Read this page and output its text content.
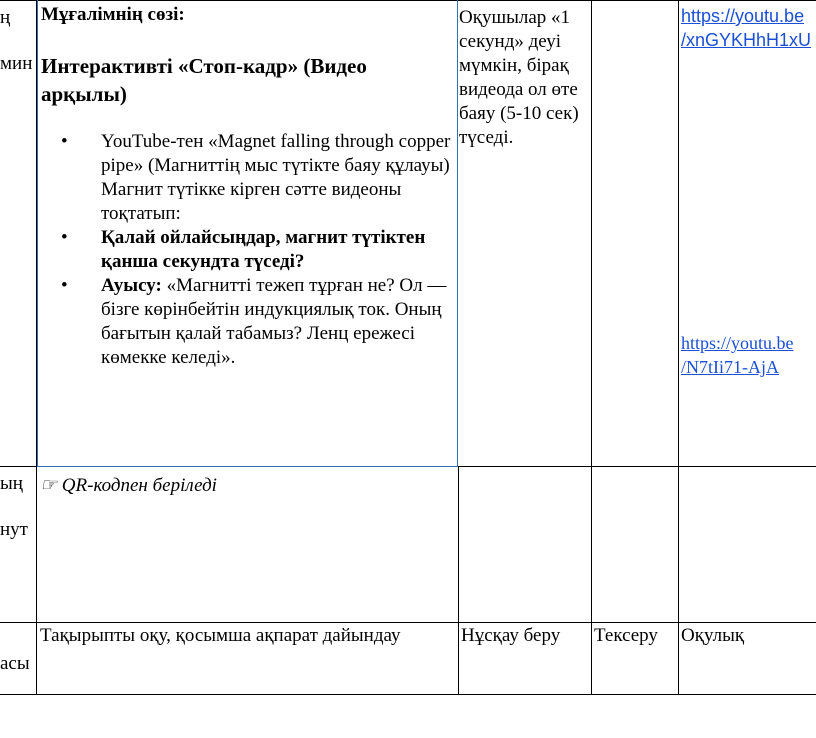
ң
мин
ың
нут
асы
Мұғалімнің сөзі:
Интерактивті «Стоп-кадр» (Видео арқылы)
• YouTube-тен «Magnet falling through copper pipe» (Магниттің мыс түтікте баяу құлауы) Магнит түтікке кірген сәтте видеоны тоқтатып:
• Қалай ойлайсыңдар, магнит түтіктен қанша секундта түседі?
• Ауысу: «Магнитті тежеп тұрған не? Ол — бізге көрінбейтін индукциялық ток. Оның бағытын қалай табамыз? Ленц ережесі көмекке келеді».
Оқушылар «1 секунд» деуі мүмкін, бірақ видеода ол өте баяу (5-10 сек) түседі.
https://youtu.be
/xnGYKHhH1xU
https://youtu.be
/N7tIi71-AjA
☞ QR-кодпен беріледі
Тақырыпты оқу, қосымша ақпарат дайындау	Нұсқау беру Тексеру Оқулық
